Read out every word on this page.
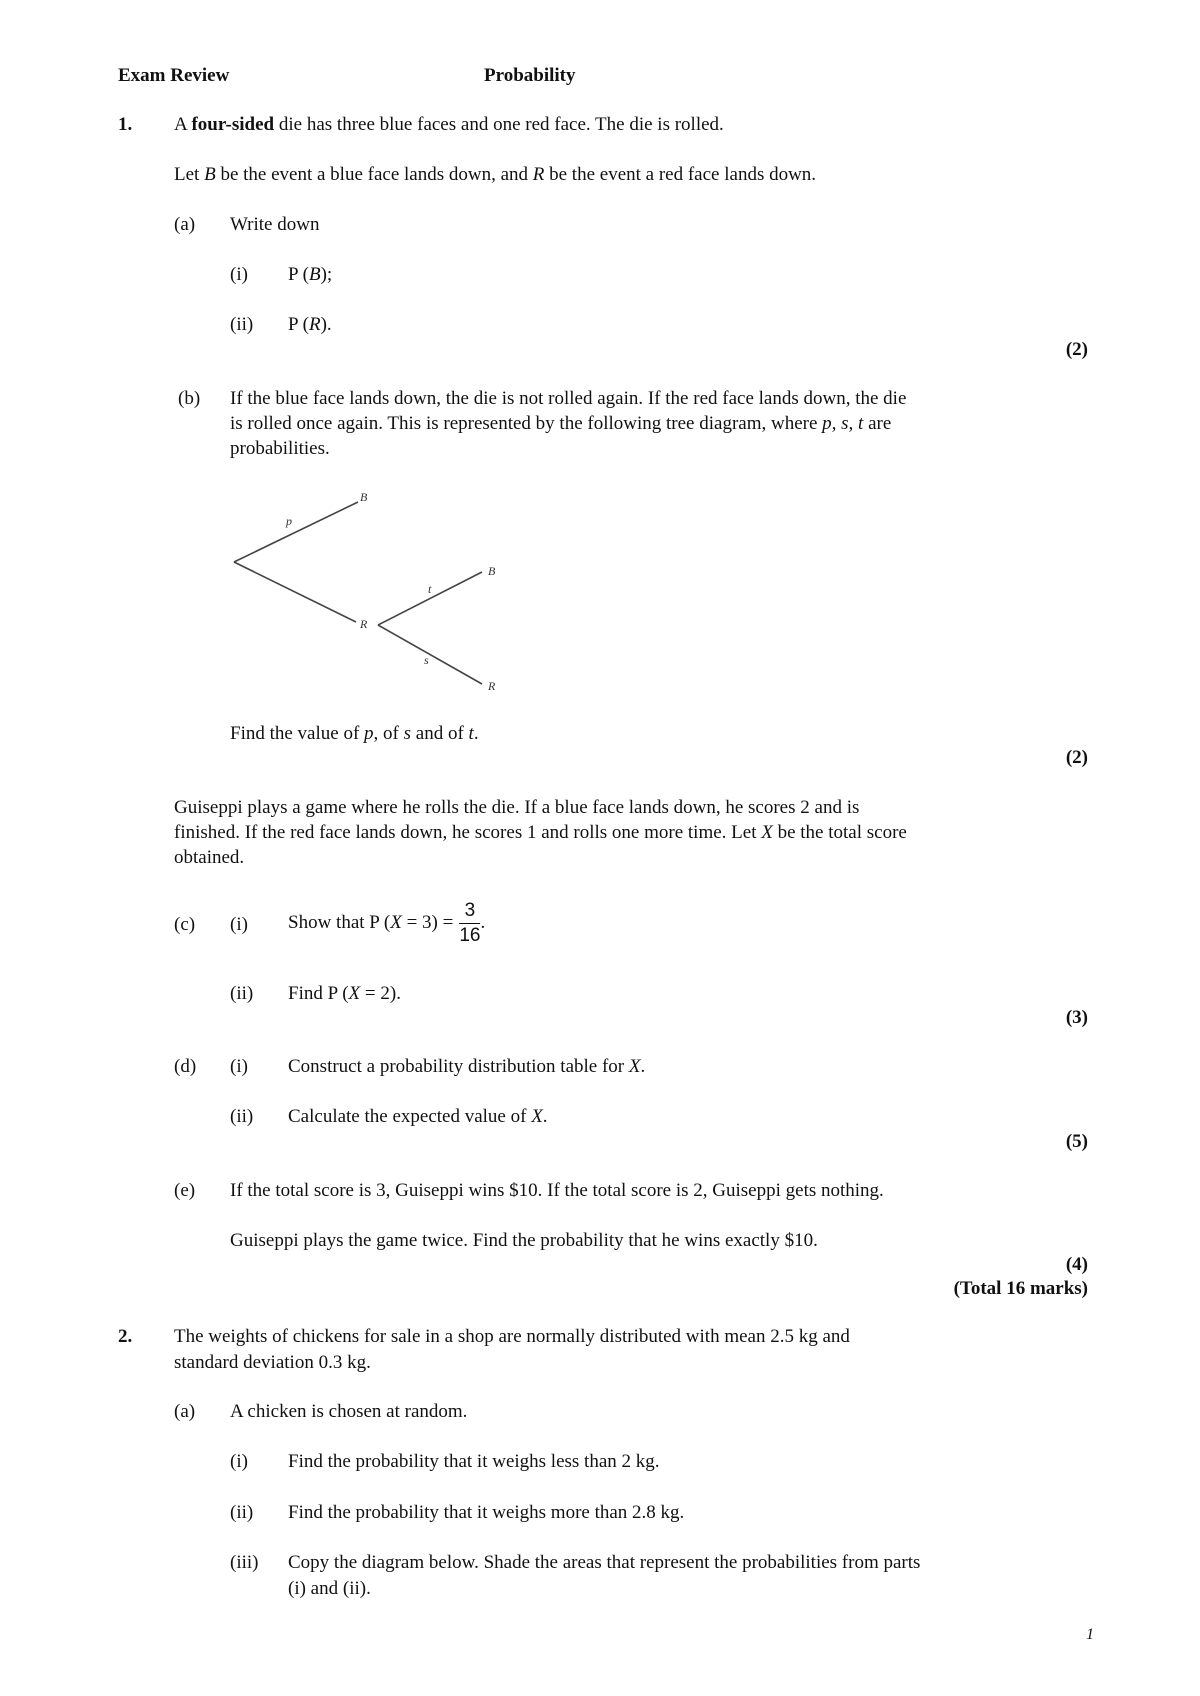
Exam Review	Probability
1. A four-sided die has three blue faces and one red face. The die is rolled.
Let B be the event a blue face lands down, and R be the event a red face lands down.
(a) Write down
(i) P (B);
(ii) P (R).
(2)
(b) If the blue face lands down, the die is not rolled again. If the red face lands down, the die
is rolled once again. This is represented by the following tree diagram, where p, s, t are
probabilities.
B
p
R
B
t
R
s
Find the value of p, of s and of t.
(2)
Guiseppi plays a game where he rolls the die. If a blue face lands down, he scores 2 and is
finished. If the red face lands down, he scores 1 and rolls one more time. Let X be the total score
obtained.
(c) (i) Show that P $(X = 3) = \frac{3}{16}$ .
(ii) Find P (X = 2).
(3)
(d) (i) Construct a probability distribution table for X.
(ii) Calculate the expected value of X.
(5)
(e) If the total score is 3, Guiseppi wins $10. If the total score is 2, Guiseppi gets nothing.
Guiseppi plays the game twice. Find the probability that he wins exactly $10.
(4)
(Total 16 marks)
2. The weights of chickens for sale in a shop are normally distributed with mean 2.5 kg and
standard deviation 0.3 kg.
(a) A chicken is chosen at random.
(i) Find the probability that it weighs less than 2 kg.
(ii) Find the probability that it weighs more than 2.8 kg.
(iii) Copy the diagram below. Shade the areas that represent the probabilities from parts
(i) and (ii).
1
